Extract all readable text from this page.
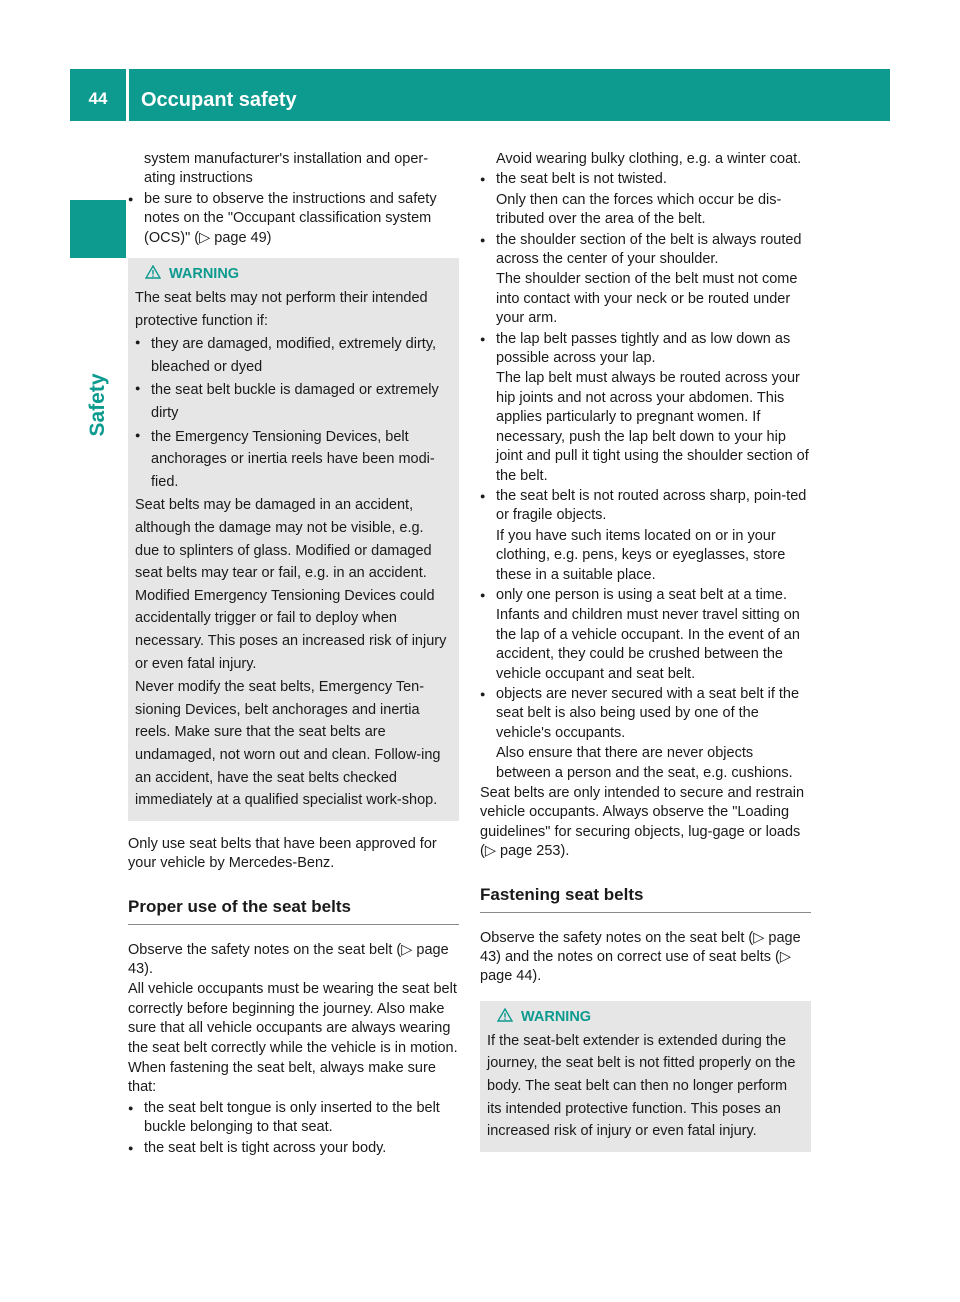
44	Occupant safety
Safety

system manufacturer's installation and oper-ating instructions

● be sure to observe the instructions and safety notes on the "Occupant classification system (OCS)" (▷ page 49)

WARNING

The seat belts may not perform their intended protective function if:

● they are damaged, modified, extremely dirty, bleached or dyed

● the seat belt buckle is damaged or extremely dirty

● the Emergency Tensioning Devices, belt anchorages or inertia reels have been modi-fied.

Seat belts may be damaged in an accident, although the damage may not be visible, e.g. due to splinters of glass. Modified or damaged seat belts may tear or fail, e.g. in an accident. Modified Emergency Tensioning Devices could accidentally trigger or fail to deploy when necessary. This poses an increased risk of injury or even fatal injury.

Never modify the seat belts, Emergency Ten-sioning Devices, belt anchorages and inertia reels. Make sure that the seat belts are undamaged, not worn out and clean. Follow-ing an accident, have the seat belts checked immediately at a qualified specialist work-shop.

Only use seat belts that have been approved for your vehicle by Mercedes-Benz.

Proper use of the seat belts

Observe the safety notes on the seat belt (▷ page 43).

All vehicle occupants must be wearing the seat belt correctly before beginning the journey. Also make sure that all vehicle occupants are always wearing the seat belt correctly while the vehicle is in motion.

When fastening the seat belt, always make sure that:

● the seat belt tongue is only inserted to the belt buckle belonging to that seat.

● the seat belt is tight across your body.

Avoid wearing bulky clothing, e.g. a winter coat.

● the seat belt is not twisted.

Only then can the forces which occur be dis-tributed over the area of the belt.

● the shoulder section of the belt is always routed across the center of your shoulder.

The shoulder section of the belt must not come into contact with your neck or be routed under your arm.

● the lap belt passes tightly and as low down as possible across your lap.

The lap belt must always be routed across your hip joints and not across your abdomen. This applies particularly to pregnant women. If necessary, push the lap belt down to your hip joint and pull it tight using the shoulder section of the belt.

● the seat belt is not routed across sharp, poin-ted or fragile objects.

If you have such items located on or in your clothing, e.g. pens, keys or eyeglasses, store these in a suitable place.

● only one person is using a seat belt at a time.

Infants and children must never travel sitting on the lap of a vehicle occupant. In the event of an accident, they could be crushed between the vehicle occupant and seat belt.

● objects are never secured with a seat belt if the seat belt is also being used by one of the vehicle's occupants.

Also ensure that there are never objects between a person and the seat, e.g. cushions.

Seat belts are only intended to secure and restrain vehicle occupants. Always observe the "Loading guidelines" for securing objects, lug-gage or loads (▷ page 253).

Fastening seat belts

Observe the safety notes on the seat belt (▷ page 43) and the notes on correct use of seat belts (▷ page 44).

WARNING

If the seat-belt extender is extended during the journey, the seat belt is not fitted properly on the body. The seat belt can then no longer perform its intended protective function. This poses an increased risk of injury or even fatal injury.
